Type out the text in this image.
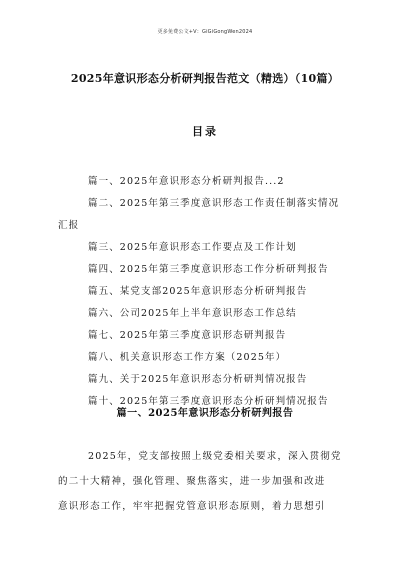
更多免费公文+V：GiGiGongWen2024
2025年意识形态分析研判报告范文（精选）（10篇）
目录
篇一、2025年意识形态分析研判报告...2
篇二、2025年第三季度意识形态工作责任制落实情况
汇报
篇三、2025年意识形态工作要点及工作计划
篇四、2025年第三季度意识形态工作分析研判报告
篇五、某党支部2025年意识形态分析研判报告
篇六、公司2025年上半年意识形态工作总结
篇七、2025年第三季度意识形态研判报告
篇八、机关意识形态工作方案（2025年）
篇九、关于2025年意识形态分析研判情况报告
篇十、2025年第三季度意识形态分析研判情况报告
篇一、2025年意识形态分析研判报告
2025年，党支部按照上级党委相关要求，深入贯彻党
的二十大精神，强化管理、聚焦落实，进一步加强和改进
意识形态工作，牢牢把握党管意识形态原则，着力思想引
